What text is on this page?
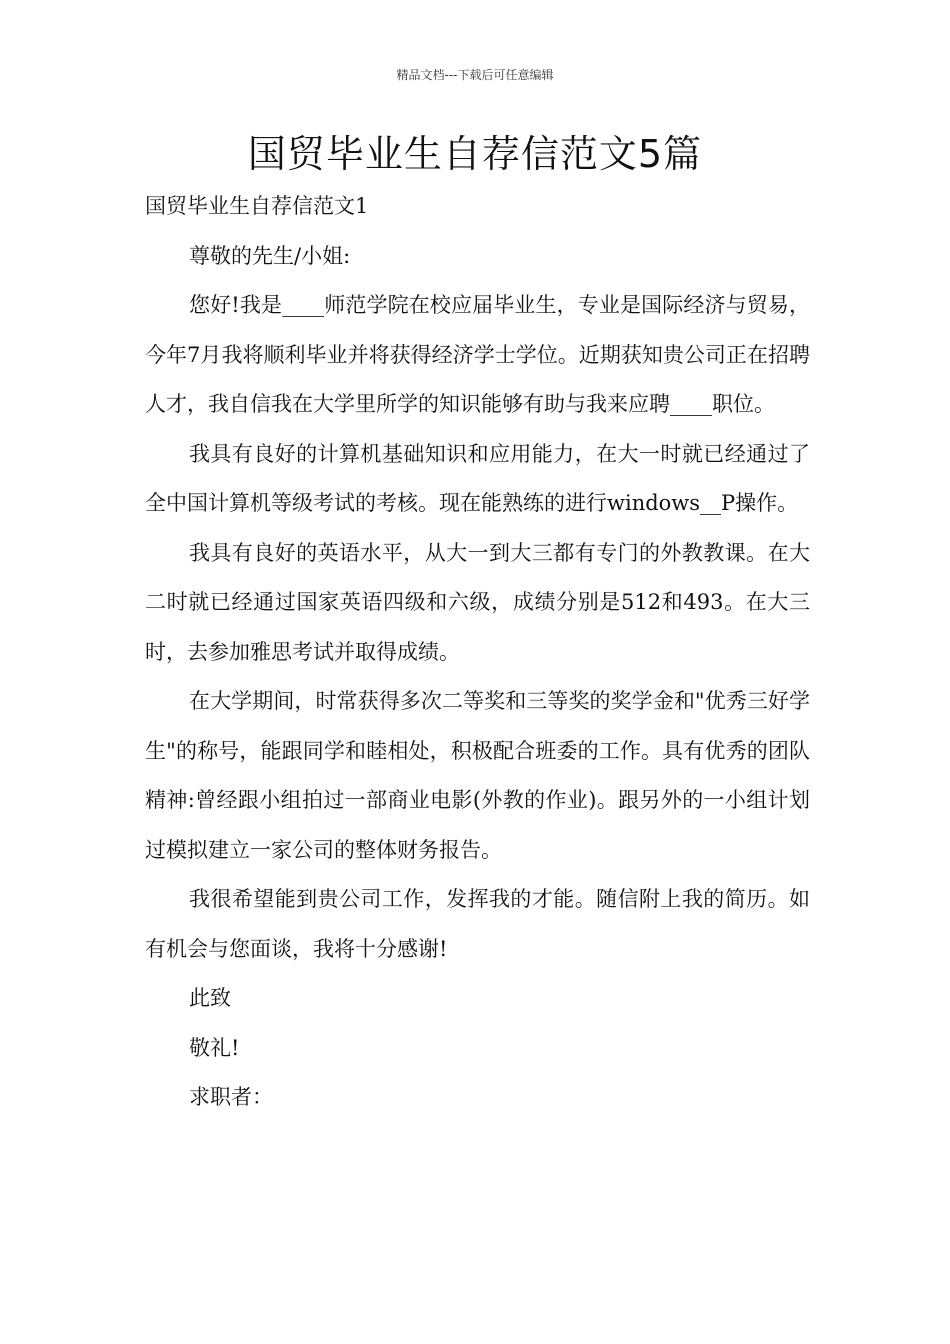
精品文档---下载后可任意编辑
国贸毕业生自荐信范文5篇

国贸毕业生自荐信范文1

尊敬的先生/小姐:

您好!我是____师范学院在校应届毕业生，专业是国际经济与贸易，今年7月我将顺利毕业并将获得经济学士学位。近期获知贵公司正在招聘人才，我自信我在大学里所学的知识能够有助与我来应聘____职位。

我具有良好的计算机基础知识和应用能力，在大一时就已经通过了全中国计算机等级考试的考核。现在能熟练的进行windows__P操作。

我具有良好的英语水平，从大一到大三都有专门的外教教课。在大二时就已经通过国家英语四级和六级，成绩分别是512和493。在大三时，去参加雅思考试并取得成绩。

在大学期间，时常获得多次二等奖和三等奖的奖学金和"优秀三好学生"的称号，能跟同学和睦相处，积极配合班委的工作。具有优秀的团队精神:曾经跟小组拍过一部商业电影(外教的作业)。跟另外的一小组计划过模拟建立一家公司的整体财务报告。

我很希望能到贵公司工作，发挥我的才能。随信附上我的简历。如有机会与您面谈，我将十分感谢!

此致

敬礼!

求职者：
